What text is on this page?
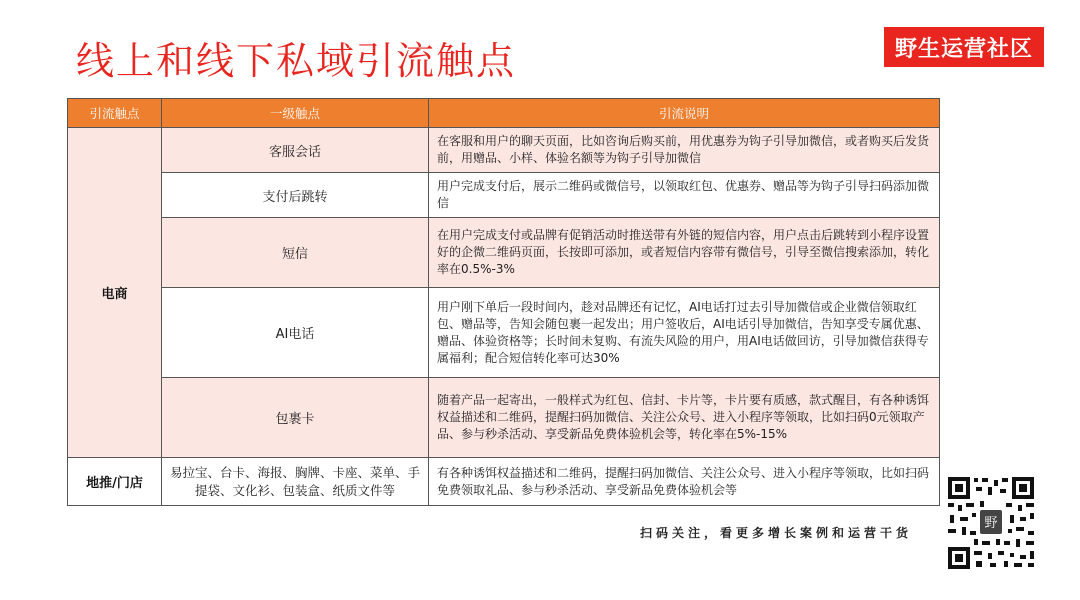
线上和线下私域引流触点	野生运营社区
引流触点	一级触点	引流说明
电商	客服会话	在客服和用户的聊天页面，比如咨询后购买前，用优惠券为钩子引导加微信，或者购买后发货前，用赠品、小样、体验名额等为钩子引导加微信
	支付后跳转	用户完成支付后，展示二维码或微信号，以领取红包、优惠券、赠品等为钩子引导扫码添加微信
	短信	在用户完成支付或品牌有促销活动时推送带有外链的短信内容，用户点击后跳转到小程序设置好的企微二维码页面，长按即可添加，或者短信内容带有微信号，引导至微信搜索添加，转化率在0.5%-3%
	AI电话	用户刚下单后一段时间内，趁对品牌还有记忆，AI电话打过去引导加微信或企业微信领取红包、赠品等，告知会随包裹一起发出；用户签收后，AI电话引导加微信，告知享受专属优惠、赠品、体验资格等；长时间未复购、有流失风险的用户，用AI电话做回访，引导加微信获得专属福利；配合短信转化率可达30%
	包裹卡	随着产品一起寄出，一般样式为红包、信封、卡片等，卡片要有质感，款式醒目，有各种诱饵权益描述和二维码，提醒扫码加微信、关注公众号、进入小程序等领取，比如扫码0元领取产品、参与秒杀活动、享受新品免费体验机会等，转化率在5%-15%
地推/门店	易拉宝、台卡、海报、胸牌、卡座、菜单、手提袋、文化衫、包装盒、纸质文件等	有各种诱饵权益描述和二维码，提醒扫码加微信、关注公众号、进入小程序等领取，比如扫码免费领取礼品、参与秒杀活动、享受新品免费体验机会等
扫码关注，看更多增长案例和运营干货
野
